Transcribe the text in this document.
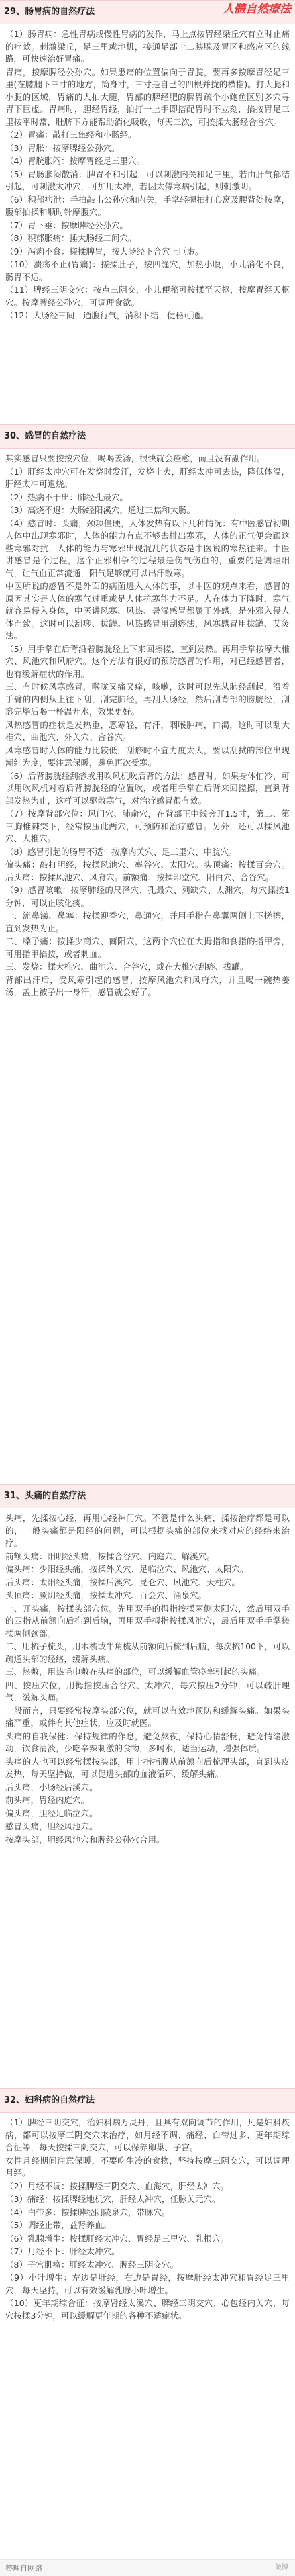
29、肠胃病的自然疗法	人體自然療法

（1）肠胃病：急性胃病或慢性胃病的发作，马上点按胃经梁丘穴有立时止痛的疗效。刺激梁丘，足三里或地机，接通足部十二胰腺及胃区和感应区的线路，可快速治好胃痛。

胃痛，按摩脾经公孙穴。如果患痛的位置偏向于胃脘，要再多按摩胃经足三里(在膝腿下三寸的地方，筒身寸，三寸是自己的四根并拢的横指)。打大腿和小腿的区域，胃痛的人拍大腿，胃部的脾经肥的脾胃疏个小鲍鱼区别多穴寻胃下巨虚。胃痛时，胆经胃经，拍打一上手即搭配胃时不立刻，掐按胃足三里按平时常，肚脐下方能帮助消化吸收，每天三次，可按揉大肠经合谷穴。

（2）胃痛：敲打三焦经和小肠经。

（3）胃胀：按摩脾经公孙穴。

（4）胃脘胀闷：按摩胃经足三里穴。

（5）胃肠胀闷散消：脾胃不和引起，可以刺激内关和足三里，若由肝气郁结引起，可刺激太冲穴，可加用太冲，若因太傅寒病引起，则刺激阴。

（6）积郁痞泄：手拍敲击公孙穴和内关，手掌轻握拍打心窝及腰背处按摩，腹部拍揉和顺时针摩腹穴。

（7）胃下垂：按摩脾经公孙穴。

（8）积郁胀痛：捶大肠经二间穴。

（9）泻痢不食：搓揉脾胃，按大肠经下合穴上巨虚。

（10）溃疡不止(胃痛)：搓揉肚子，按四缝穴，加热小腹，小儿消化不良，肠胃不适。

（11）脾经三阴交穴：按点三阴交，小儿便秘可按揉至天枢，按摩胃经天枢穴。按摩脾经公孙穴，可调理食欲。

（12）大肠经三间，通腹行气，消积下结，便秘可通。

30、感冒的自然疗法

其实感冒只要按按穴位，喝喝姜汤，很快就会痊愈，而且没有副作用。

（1）肝经太冲穴可在发烧时发汗，发烧上火，肝经太冲可去热，降低体温，肝经太冲可退烧。

（2）热病不干出：肺经孔最穴。

（3）高烧不退：大肠经阳溪穴，通过三焦和大肠。

（4）感冒时：头痛，颈项僵硬，人体发热有以下几种情况：有中医感冒初期人体中出现寒邪时，人体的能力有点不够去排出寒邪，人体的正气便会跟这些寒邪对抗，人体的能力与寒邪出现混乱的状态是中医说的寒热往来。中医讲感冒是个过程，这个正邪相争的过程最是伤气伤血的，重要的是调理阳气，让气血正常流通，阳气足够就可以出汗散寒。

中医所说的感冒不是外面的病菌进入人体的事，以中医的观点来看，感冒的原因其实是人体的寒气过重或是人体抗寒能力不足。人在体力下降时，寒气就容易侵入身体，中医讲风寒、风热、暑湿感冒都属于外感，是外邪入侵人体而致。这时可以刮痧、拔罐。风热感冒用刮痧法，风寒感冒用拔罐、艾灸法。

（5）用手掌在后背沿着膀胱经上下来回擦搓，直到发热。再用手掌按摩大椎穴、风池穴和风府穴。这个方法有很好的预防感冒的作用，对已经感冒者，也有缓解症状的作用。

三、有时候风寒感冒，喉咙又痛又痒，咳嗽，这时可以先从肺经刮起，沿着手臂的内侧从上往下刮，刮完肺经，再刮大肠经，然后刮背部的膀胱经，刮痧完毕后喝一杯温开水，效果更好。

风热感冒的症状是发热重，恶寒轻，有汗，咽喉肿痛，口渴，这时可以刮大椎穴、曲池穴、外关穴、合谷穴。

风寒感冒时人体的能力比较低，刮痧时不宜力度太大，要以刮拭的部位出现潮红为度，要注意保暖，避免再次受寒。

（6）后背膀胱经刮痧或用吹风机吹后背的方法：感冒时，如果身体怕冷，可以用吹风机对着后背膀胱经的位置吹，或者用手掌在后背来回搓擦，直到背部发热为止，这样可以驱散寒气，对治疗感冒很有效。

（7）按摩背部穴位：风门穴、肺俞穴，在背部正中线旁开1.5寸，第二、第三胸椎棘突下，经常按压此两穴，可预防和治疗感冒。另外，还可以揉风池穴、大椎穴。

（8）感冒引起的肠胃不适：按摩内关穴、足三里穴、中脘穴。

偏头痛：敲打胆经，按揉风池穴、率谷穴、太阳穴。头顶痛：按揉百会穴。后头痛：按揉风池穴、风府穴。前额痛：按揉印堂穴、阳白穴、合谷穴。

（9）感冒咳嗽：按摩肺经的尺泽穴、孔最穴、列缺穴、太渊穴，每穴揉按1分钟，可以止咳化痰。

一、流鼻涕、鼻塞：按揉迎香穴，鼻通穴，并用手指在鼻翼两侧上下搓擦，直到发热为止。

二、嗓子痛：按揉少商穴、商阳穴，这两个穴位在大拇指和食指的指甲旁，可用指甲掐按，或者刺血。

三、发烧：揉大椎穴、曲池穴、合谷穴，或在大椎穴刮痧、拔罐。

背部出汗后，受风寒引起的感冒，按摩风池穴和风府穴，并且喝一碗热姜汤，盖上被子出一身汗，感冒就会好了。

31、头痛的自然疗法

头痛，先揉按心经，再用心经神门穴。不管是什么头痛，揉按治疗都是可以的，一般头痛都是阳经的问题，可以根据头痛的部位来找对应的经络来治疗。

前额头痛：阳明经头痛，按揉合谷穴、内庭穴、解溪穴。

偏头痛：少阳经头痛，按揉外关穴、足临泣穴、风池穴、太阳穴。

后头痛：太阳经头痛，按揉后溪穴、昆仑穴、风池穴、天柱穴。

头顶痛：厥阴经头痛，按揉太冲穴、百会穴、涌泉穴。

一、开头痛，按揉头部穴位。先用双手的拇指按揉两侧太阳穴，然后用双手的四指从前额向后推到后脑，再用双手拇指按揉风池穴，最后用双手手掌搓揉两侧颈部。

二、用梳子梳头，用木梳或牛角梳从前额向后梳到后脑，每次梳100下，可以疏通头部的经络，缓解头痛。

三、热敷，用热毛巾敷在头痛的部位，可以缓解血管痉挛引起的头痛。

四、按压穴位，用拇指按压合谷穴、太冲穴，每穴按压2分钟，可以疏肝理气，缓解头痛。

一般而言，只要经常按摩头部穴位，就可以有效地预防和缓解头痛。如果头痛严重，或伴有其他症状，应及时就医。

头痛的自我保健：保持规律的作息，避免熬夜，保持心情舒畅，避免情绪激动，饮食清淡，少吃辛辣刺激的食物，多喝水，适当运动，增强体质。

头痛的人也可以经常揉按头部，用十指指腹从前额向后梳理头部，直到头皮发热，每天坚持做，可以促进头部的血液循环，缓解头痛。

后头痛，小肠经后溪穴。

前头痛，胃经内庭穴。

偏头痛，胆经足临泣穴。

感冒头痛，胆经风池穴。

按摩头部，胆经风池穴和脾经公孙穴合用。

32、妇科病的自然疗法

（1）脾经三阴交穴，治妇科病万灵丹，且具有双向调节的作用，凡是妇科疾病，都可以按摩三阴交穴来治疗，如月经不调、痛经、白带过多、更年期综合征等，每天按揉三阴交穴，可以保养卵巢、子宫。

女性月经期间注意保暖，不要吃生冷的食物，坚持按摩三阴交穴，可以调理月经。

（2）月经不调：按揉脾经三阴交穴、血海穴，肝经太冲穴。

（3）痛经：按揉脾经地机穴，肝经太冲穴，任脉关元穴。

（4）白带多：按揉脾经阴陵泉穴，带脉穴。

（5）调经止带，益肾养血。

（6）乳腺增生：按揉肝经太冲穴、胃经足三里穴、乳根穴。

（7）月经不下：肝经太冲穴。

（8）子宫肌瘤：肝经太冲穴、脾经三阴交穴。

（9）小叶增生：左边是肝经，右边是胃经，按摩肝经太冲穴和胃经足三里穴，每天坚持，可以有效缓解乳腺小叶增生。

（10）更年期综合征：按摩肾经太溪穴、脾经三阴交穴、心包经内关穴，每穴按揉3分钟，可以缓解更年期的各种不适症状。

整理自网络	微博
